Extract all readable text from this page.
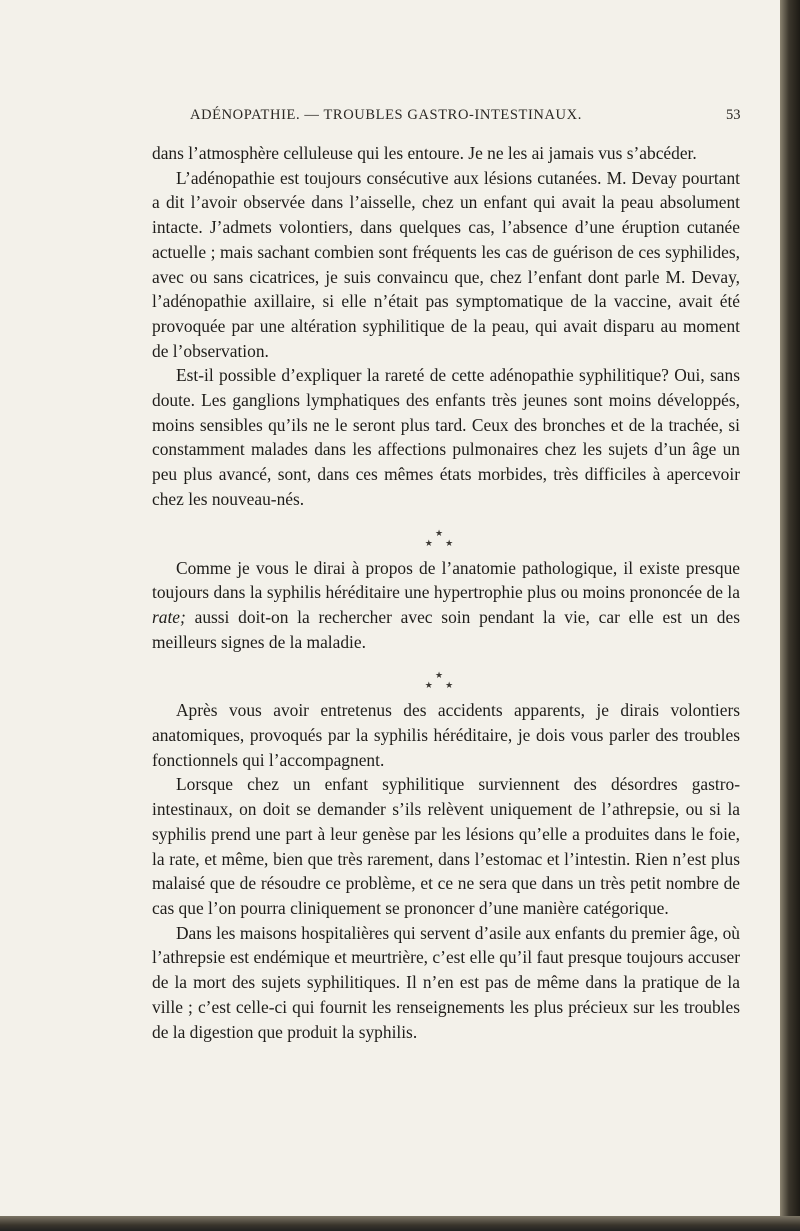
ADÉNOPATHIE. — TROUBLES GASTRO-INTESTINAUX.	53

dans l’atmosphère celluleuse qui les entoure. Je ne les ai jamais vus s’abcéder.

L’adénopathie est toujours consécutive aux lésions cutanées. M. Devay pourtant a dit l’avoir observée dans l’aisselle, chez un enfant qui avait la peau absolument intacte. J’admets volontiers, dans quelques cas, l’absence d’une éruption cutanée actuelle ; mais sachant combien sont fréquents les cas de guérison de ces syphilides, avec ou sans cicatrices, je suis convaincu que, chez l’enfant dont parle M. Devay, l’adénopathie axillaire, si elle n’était pas symptomatique de la vaccine, avait été provoquée par une altération syphilitique de la peau, qui avait disparu au moment de l’observation.

Est-il possible d’expliquer la rareté de cette adénopathie syphilitique? Oui, sans doute. Les ganglions lymphatiques des enfants très jeunes sont moins développés, moins sensibles qu’ils ne le seront plus tard. Ceux des bronches et de la trachée, si constamment malades dans les affections pulmonaires chez les sujets d’un âge un peu plus avancé, sont, dans ces mêmes états morbides, très difficiles à apercevoir chez les nouveau-nés.

★
★ ★

Comme je vous le dirai à propos de l’anatomie pathologique, il existe presque toujours dans la syphilis héréditaire une hypertrophie plus ou moins prononcée de la rate; aussi doit-on la rechercher avec soin pendant la vie, car elle est un des meilleurs signes de la maladie.

★
★ ★

Après vous avoir entretenus des accidents apparents, je dirais volontiers anatomiques, provoqués par la syphilis héréditaire, je dois vous parler des troubles fonctionnels qui l’accompagnent.

Lorsque chez un enfant syphilitique surviennent des désordres gastro-intestinaux, on doit se demander s’ils relèvent uniquement de l’athrepsie, ou si la syphilis prend une part à leur genèse par les lésions qu’elle a produites dans le foie, la rate, et même, bien que très rarement, dans l’estomac et l’intestin. Rien n’est plus malaisé que de résoudre ce problème, et ce ne sera que dans un très petit nombre de cas que l’on pourra cliniquement se prononcer d’une manière catégorique.

Dans les maisons hospitalières qui servent d’asile aux enfants du premier âge, où l’athrepsie est endémique et meurtrière, c’est elle qu’il faut presque toujours accuser de la mort des sujets syphilitiques. Il n’en est pas de même dans la pratique de la ville ; c’est celle-ci qui fournit les renseignements les plus précieux sur les troubles de la digestion que produit la syphilis.
